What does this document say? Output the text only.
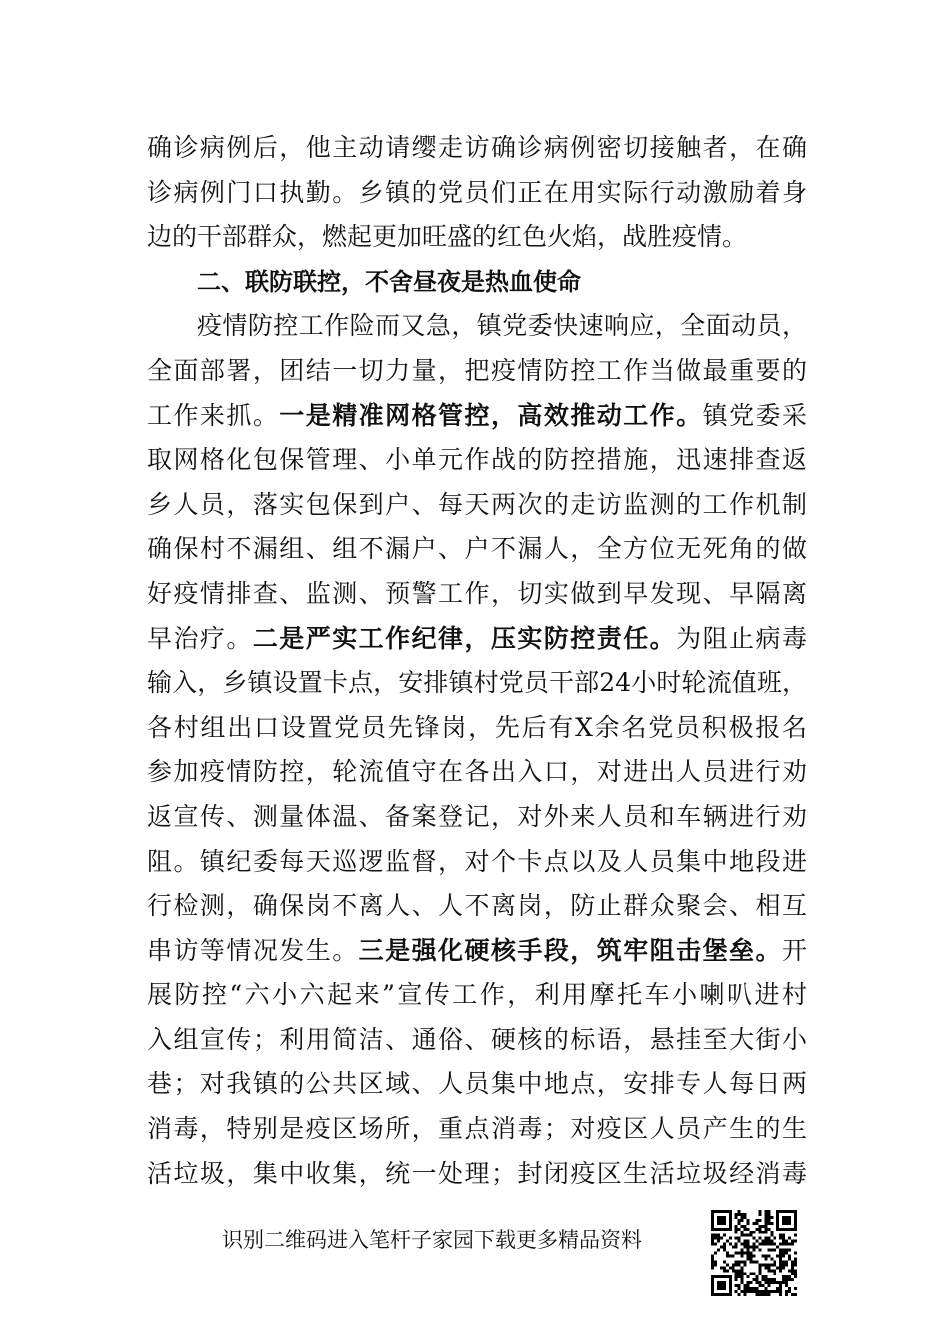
确诊病例后，他主动请缨走访确诊病例密切接触者，在确
诊病例门口执勤。乡镇的党员们正在用实际行动激励着身
边的干部群众，燃起更加旺盛的红色火焰，战胜疫情。
二、联防联控，不舍昼夜是热血使命
疫情防控工作险而又急，镇党委快速响应，全面动员，
全面部署，团结一切力量，把疫情防控工作当做最重要的
工作来抓。一是精准网格管控，高效推动工作。镇党委采
取网格化包保管理、小单元作战的防控措施，迅速排查返
乡人员，落实包保到户、每天两次的走访监测的工作机制
确保村不漏组、组不漏户、户不漏人，全方位无死角的做
好疫情排查、监测、预警工作，切实做到早发现、早隔离
早治疗。二是严实工作纪律，压实防控责任。为阻止病毒
输入，乡镇设置卡点，安排镇村党员干部24小时轮流值班，
各村组出口设置党员先锋岗，先后有X余名党员积极报名
参加疫情防控，轮流值守在各出入口，对进出人员进行劝
返宣传、测量体温、备案登记，对外来人员和车辆进行劝
阻。镇纪委每天巡逻监督，对个卡点以及人员集中地段进
行检测，确保岗不离人、人不离岗，防止群众聚会、相互
串访等情况发生。三是强化硬核手段，筑牢阻击堡垒。开
展防控“六小六起来”宣传工作，利用摩托车小喇叭进村
入组宣传；利用简洁、通俗、硬核的标语，悬挂至大街小
巷；对我镇的公共区域、人员集中地点，安排专人每日两
消毒，特别是疫区场所，重点消毒；对疫区人员产生的生
活垃圾，集中收集，统一处理；封闭疫区生活垃圾经消毒
识别二维码进入笔杆子家园下载更多精品资料
